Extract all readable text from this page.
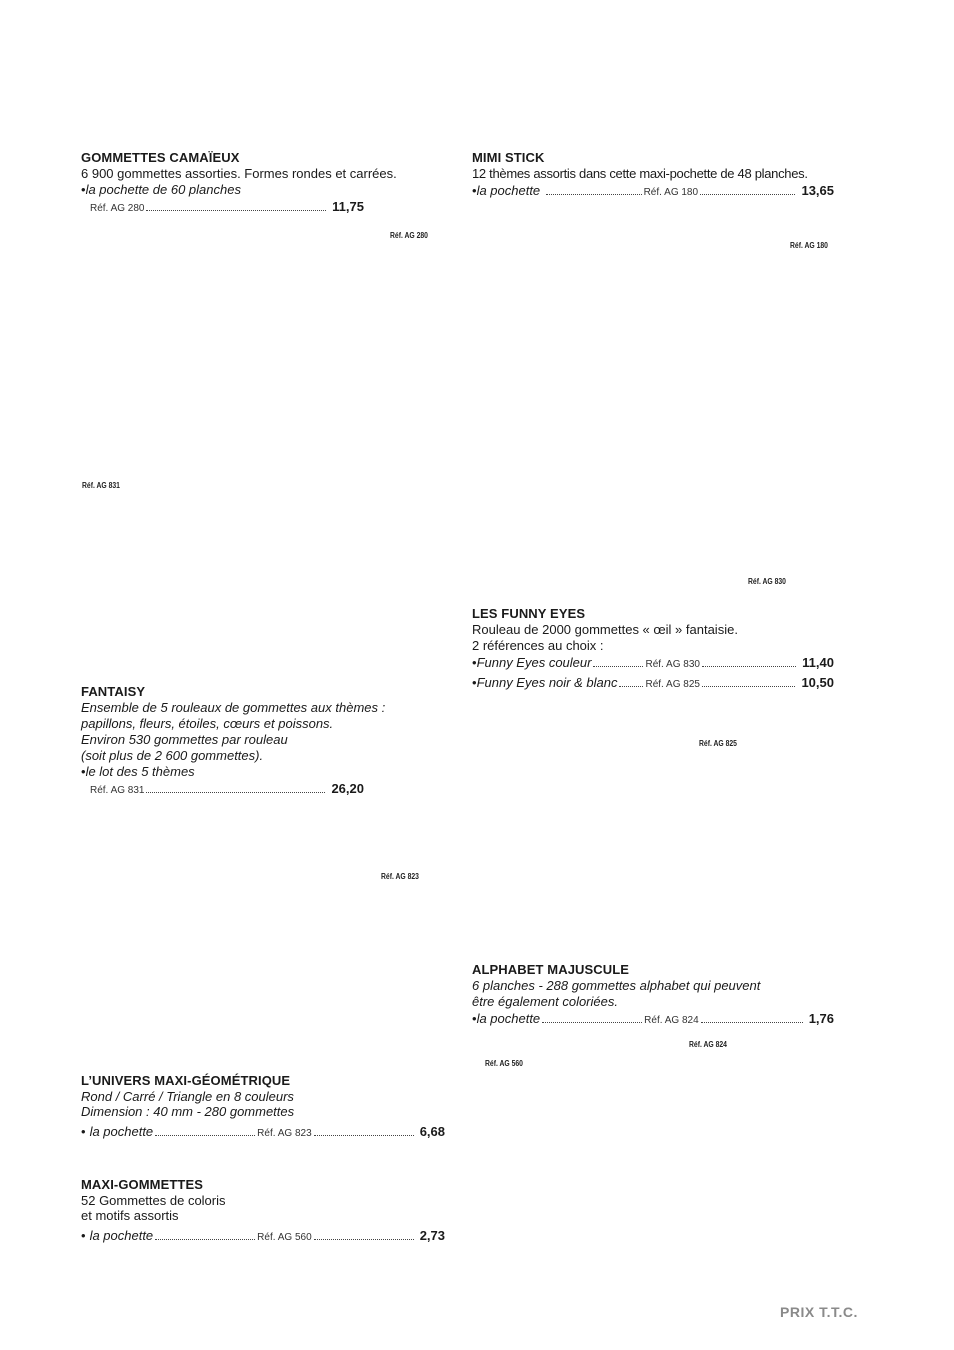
GOMMETTES CAMAÏEUX
6 900 gommettes assorties. Formes rondes et carrées.
• la pochette de 60 planches
Réf. AG 280	11,75
Réf. AG 280
MIMI STICK
12 thèmes assortis dans cette maxi-pochette de 48 planches.
• la pochette	Réf. AG 180	13,65
Réf. AG 180
Réf. AG 831
Réf. AG 830
LES FUNNY EYES
Rouleau de 2000 gommettes « œil » fantaisie.
2 références au choix :
• Funny Eyes couleur	Réf. AG 830	11,40
• Funny Eyes noir & blanc	Réf. AG 825	10,50
FANTAISY
Ensemble de 5 rouleaux de gommettes aux thèmes :
papillons, fleurs, étoiles, cœurs et poissons.
Environ 530 gommettes par rouleau
(soit plus de 2 600 gommettes).
• le lot des 5 thèmes
Réf. AG 831	26,20
Réf. AG 825
Réf. AG 823
ALPHABET MAJUSCULE
6 planches - 288 gommettes alphabet qui peuvent
être également coloriées.
• la pochette	Réf. AG 824	1,76
Réf. AG 824
Réf. AG 560
L’UNIVERS MAXI-GÉOMÉTRIQUE
Rond / Carré / Triangle en 8 couleurs
Dimension : 40 mm - 280 gommettes
• la pochette	Réf. AG 823	6,68
MAXI-GOMMETTES
52 Gommettes de coloris
et motifs assortis
• la pochette	Réf. AG 560	2,73
PRIX T.T.C.
